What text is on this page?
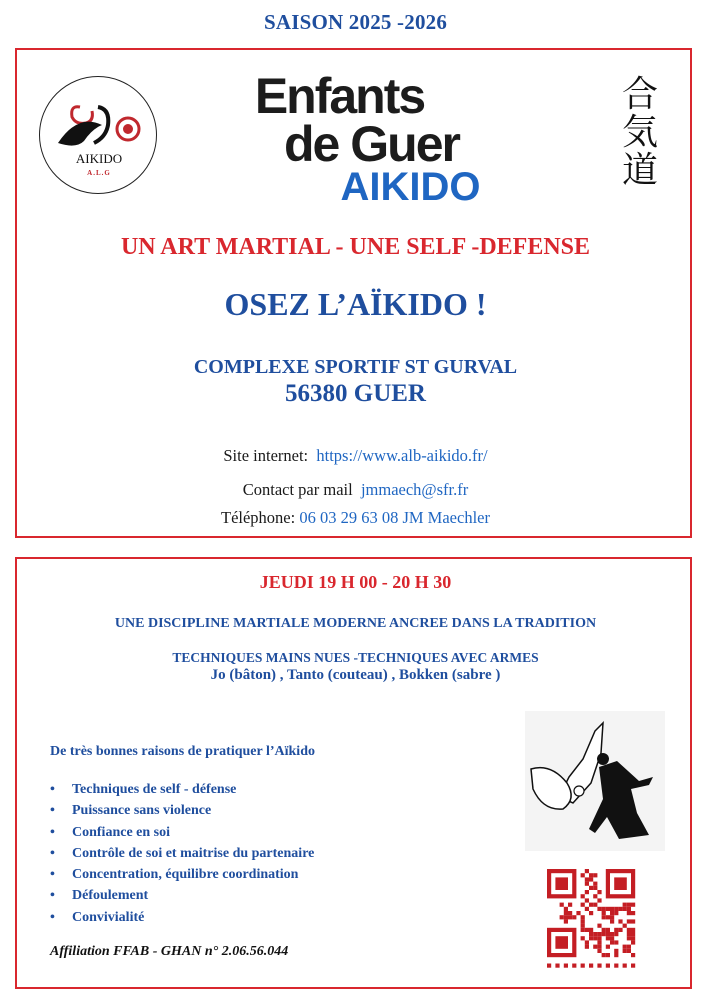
SAISON 2025 -2026
AIKIDO
A.L.G
Enfants
de Guer
AIKIDO
合
気
道
UN ART MARTIAL - UNE SELF -DEFENSE
OSEZ L’AÏKIDO !
COMPLEXE SPORTIF ST GURVAL
56380 GUER
Site internet: https://www.alb-aikido.fr/
Contact par mail jmmaech@sfr.fr
Téléphone: 06 03 29 63 08 JM Maechler
JEUDI 19 H 00 - 20 H 30
UNE DISCIPLINE MARTIALE MODERNE ANCREE DANS LA TRADITION
TECHNIQUES MAINS NUES -TECHNIQUES AVEC ARMES
Jo (bâton) , Tanto (couteau) , Bokken (sabre )
De très bonnes raisons de pratiquer l’Aïkido
• Techniques de self - défense
• Puissance sans violence
• Confiance en soi
• Contrôle de soi et maitrise du partenaire
• Concentration, équilibre coordination
• Défoulement
• Convivialité
Affiliation FFAB - GHAN n° 2.06.56.044
